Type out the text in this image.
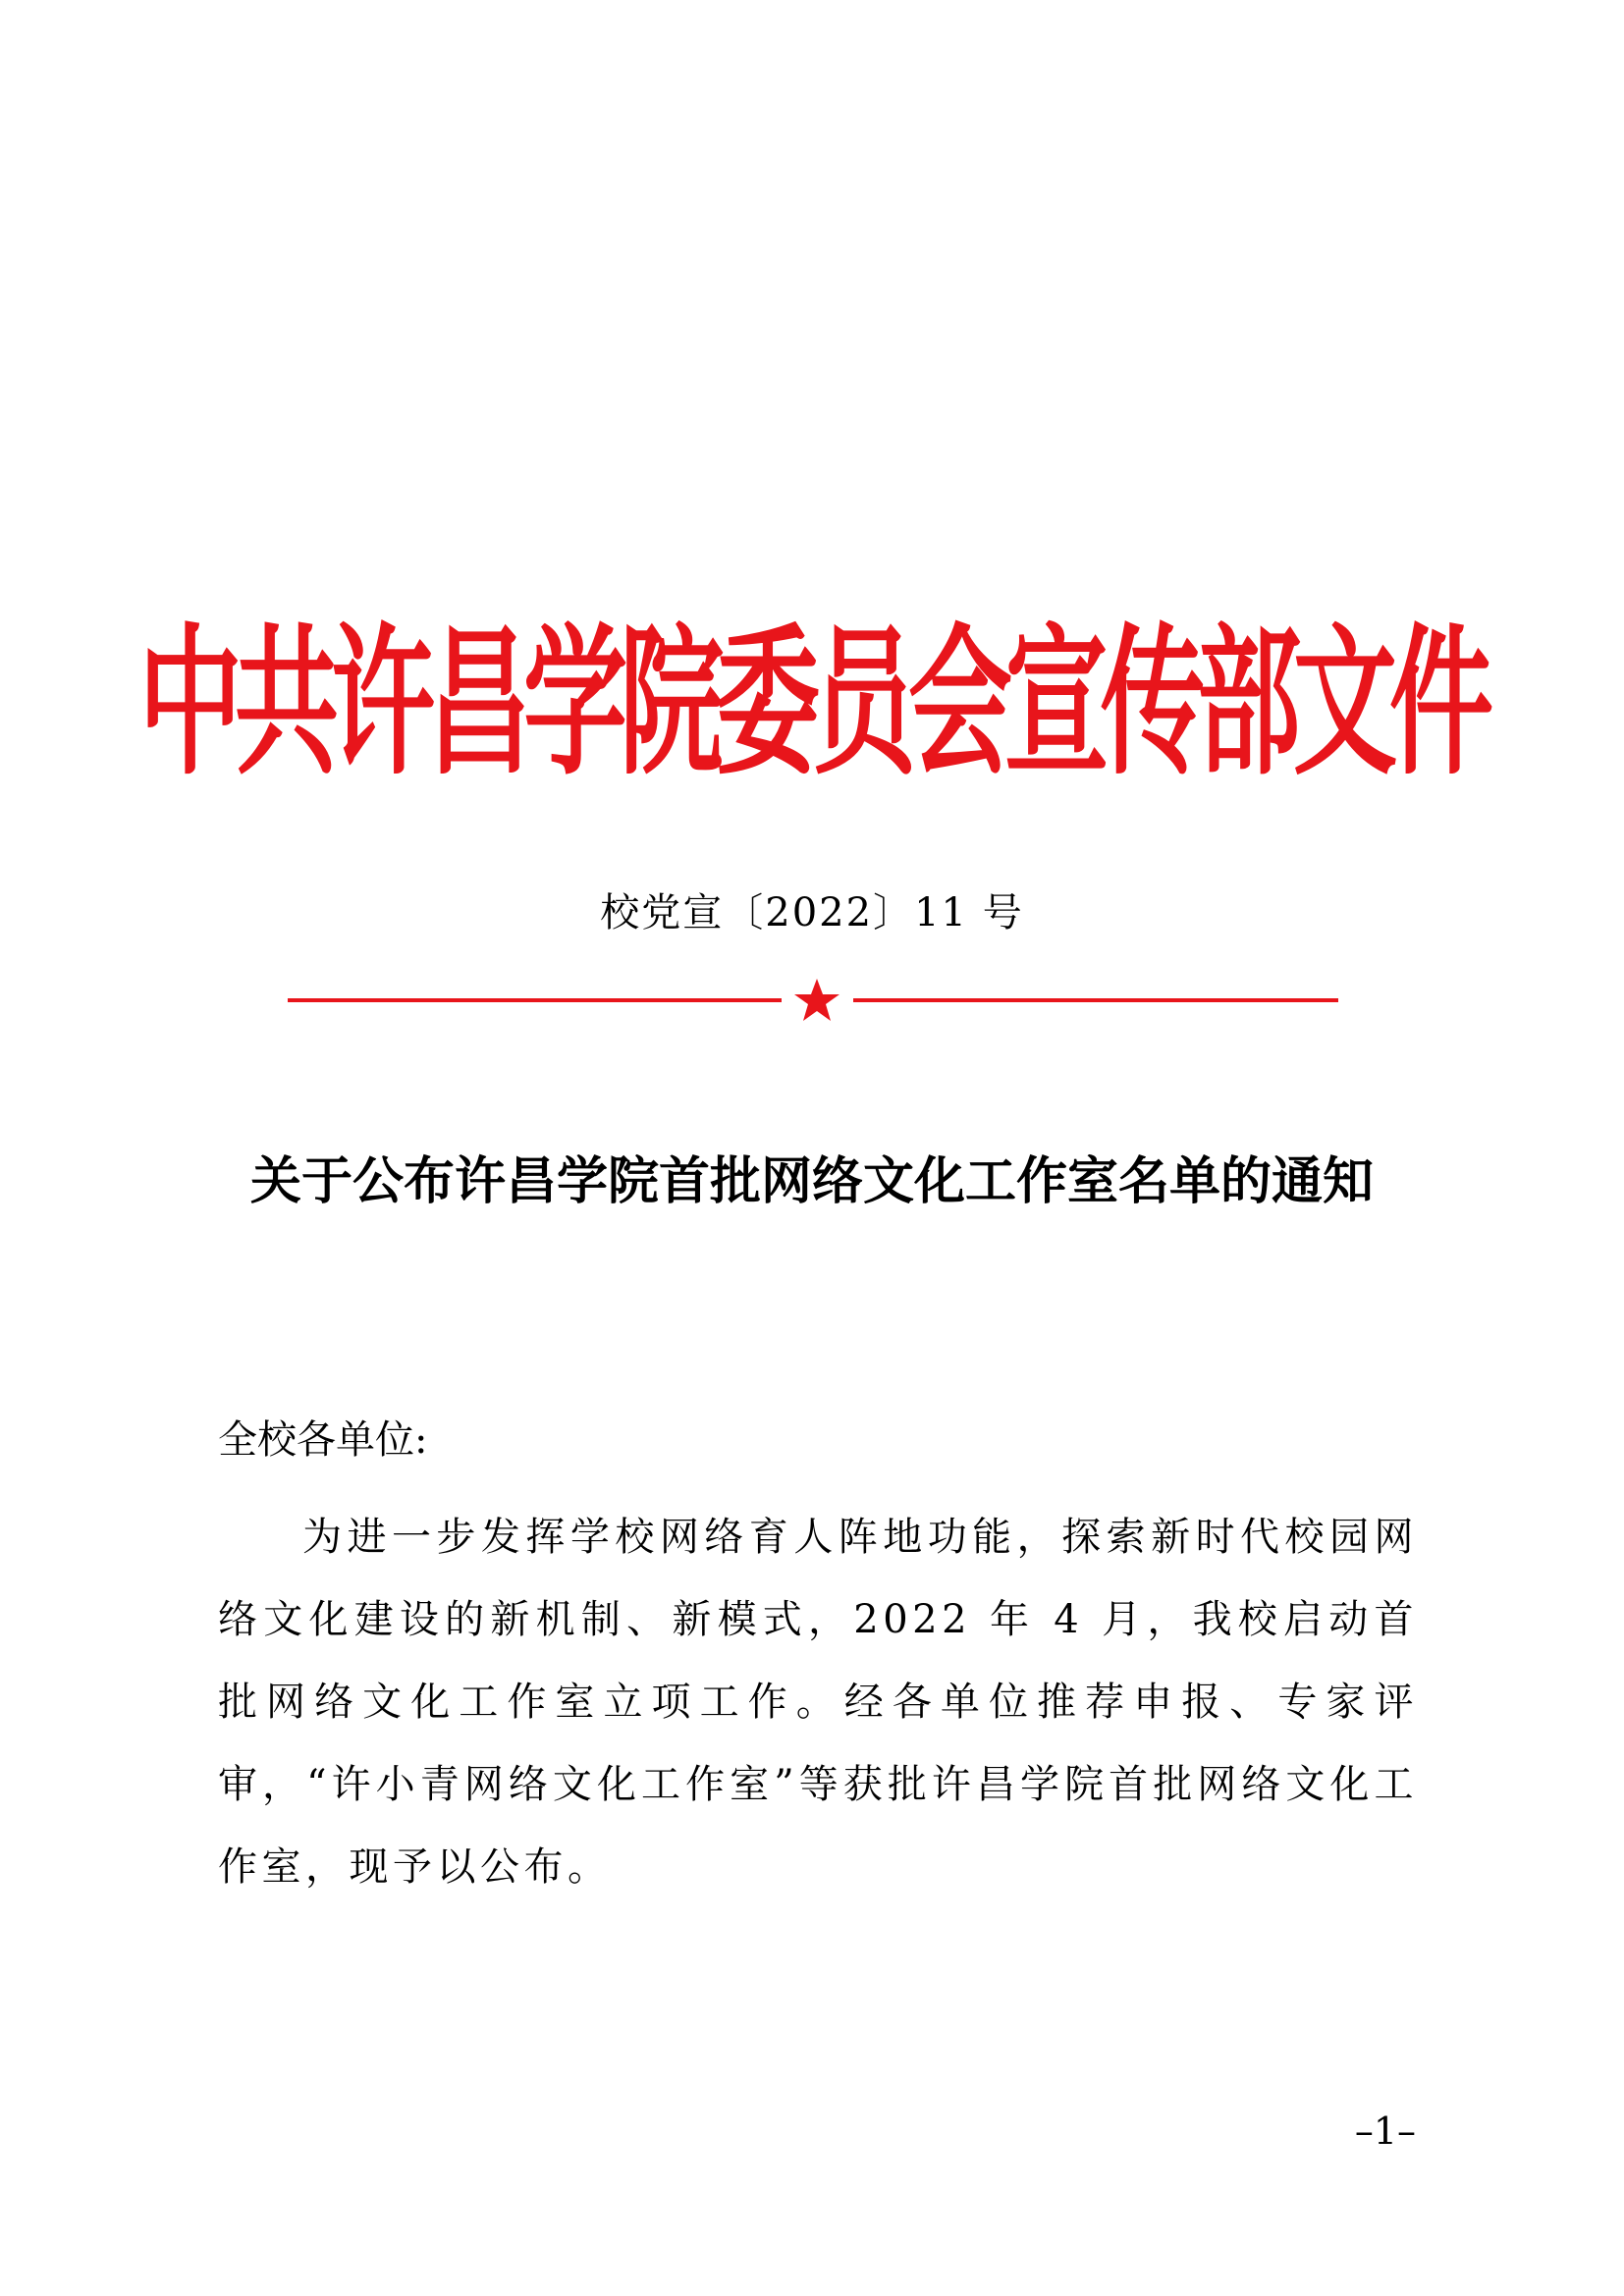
中共许昌学院委员会宣传部文件
校党宣〔2022〕11 号
关于公布许昌学院首批网络文化工作室名单的通知
全校各单位:

为进一步发挥学校网络育人阵地功能，探索新时代校园网络文化建设的新机制、新模式，2022 年 4 月，我校启动首批网络文化工作室立项工作。经各单位推荐申报、专家评审，“许小青网络文化工作室”等获批许昌学院首批网络文化工作室，现予以公布。

–1–
